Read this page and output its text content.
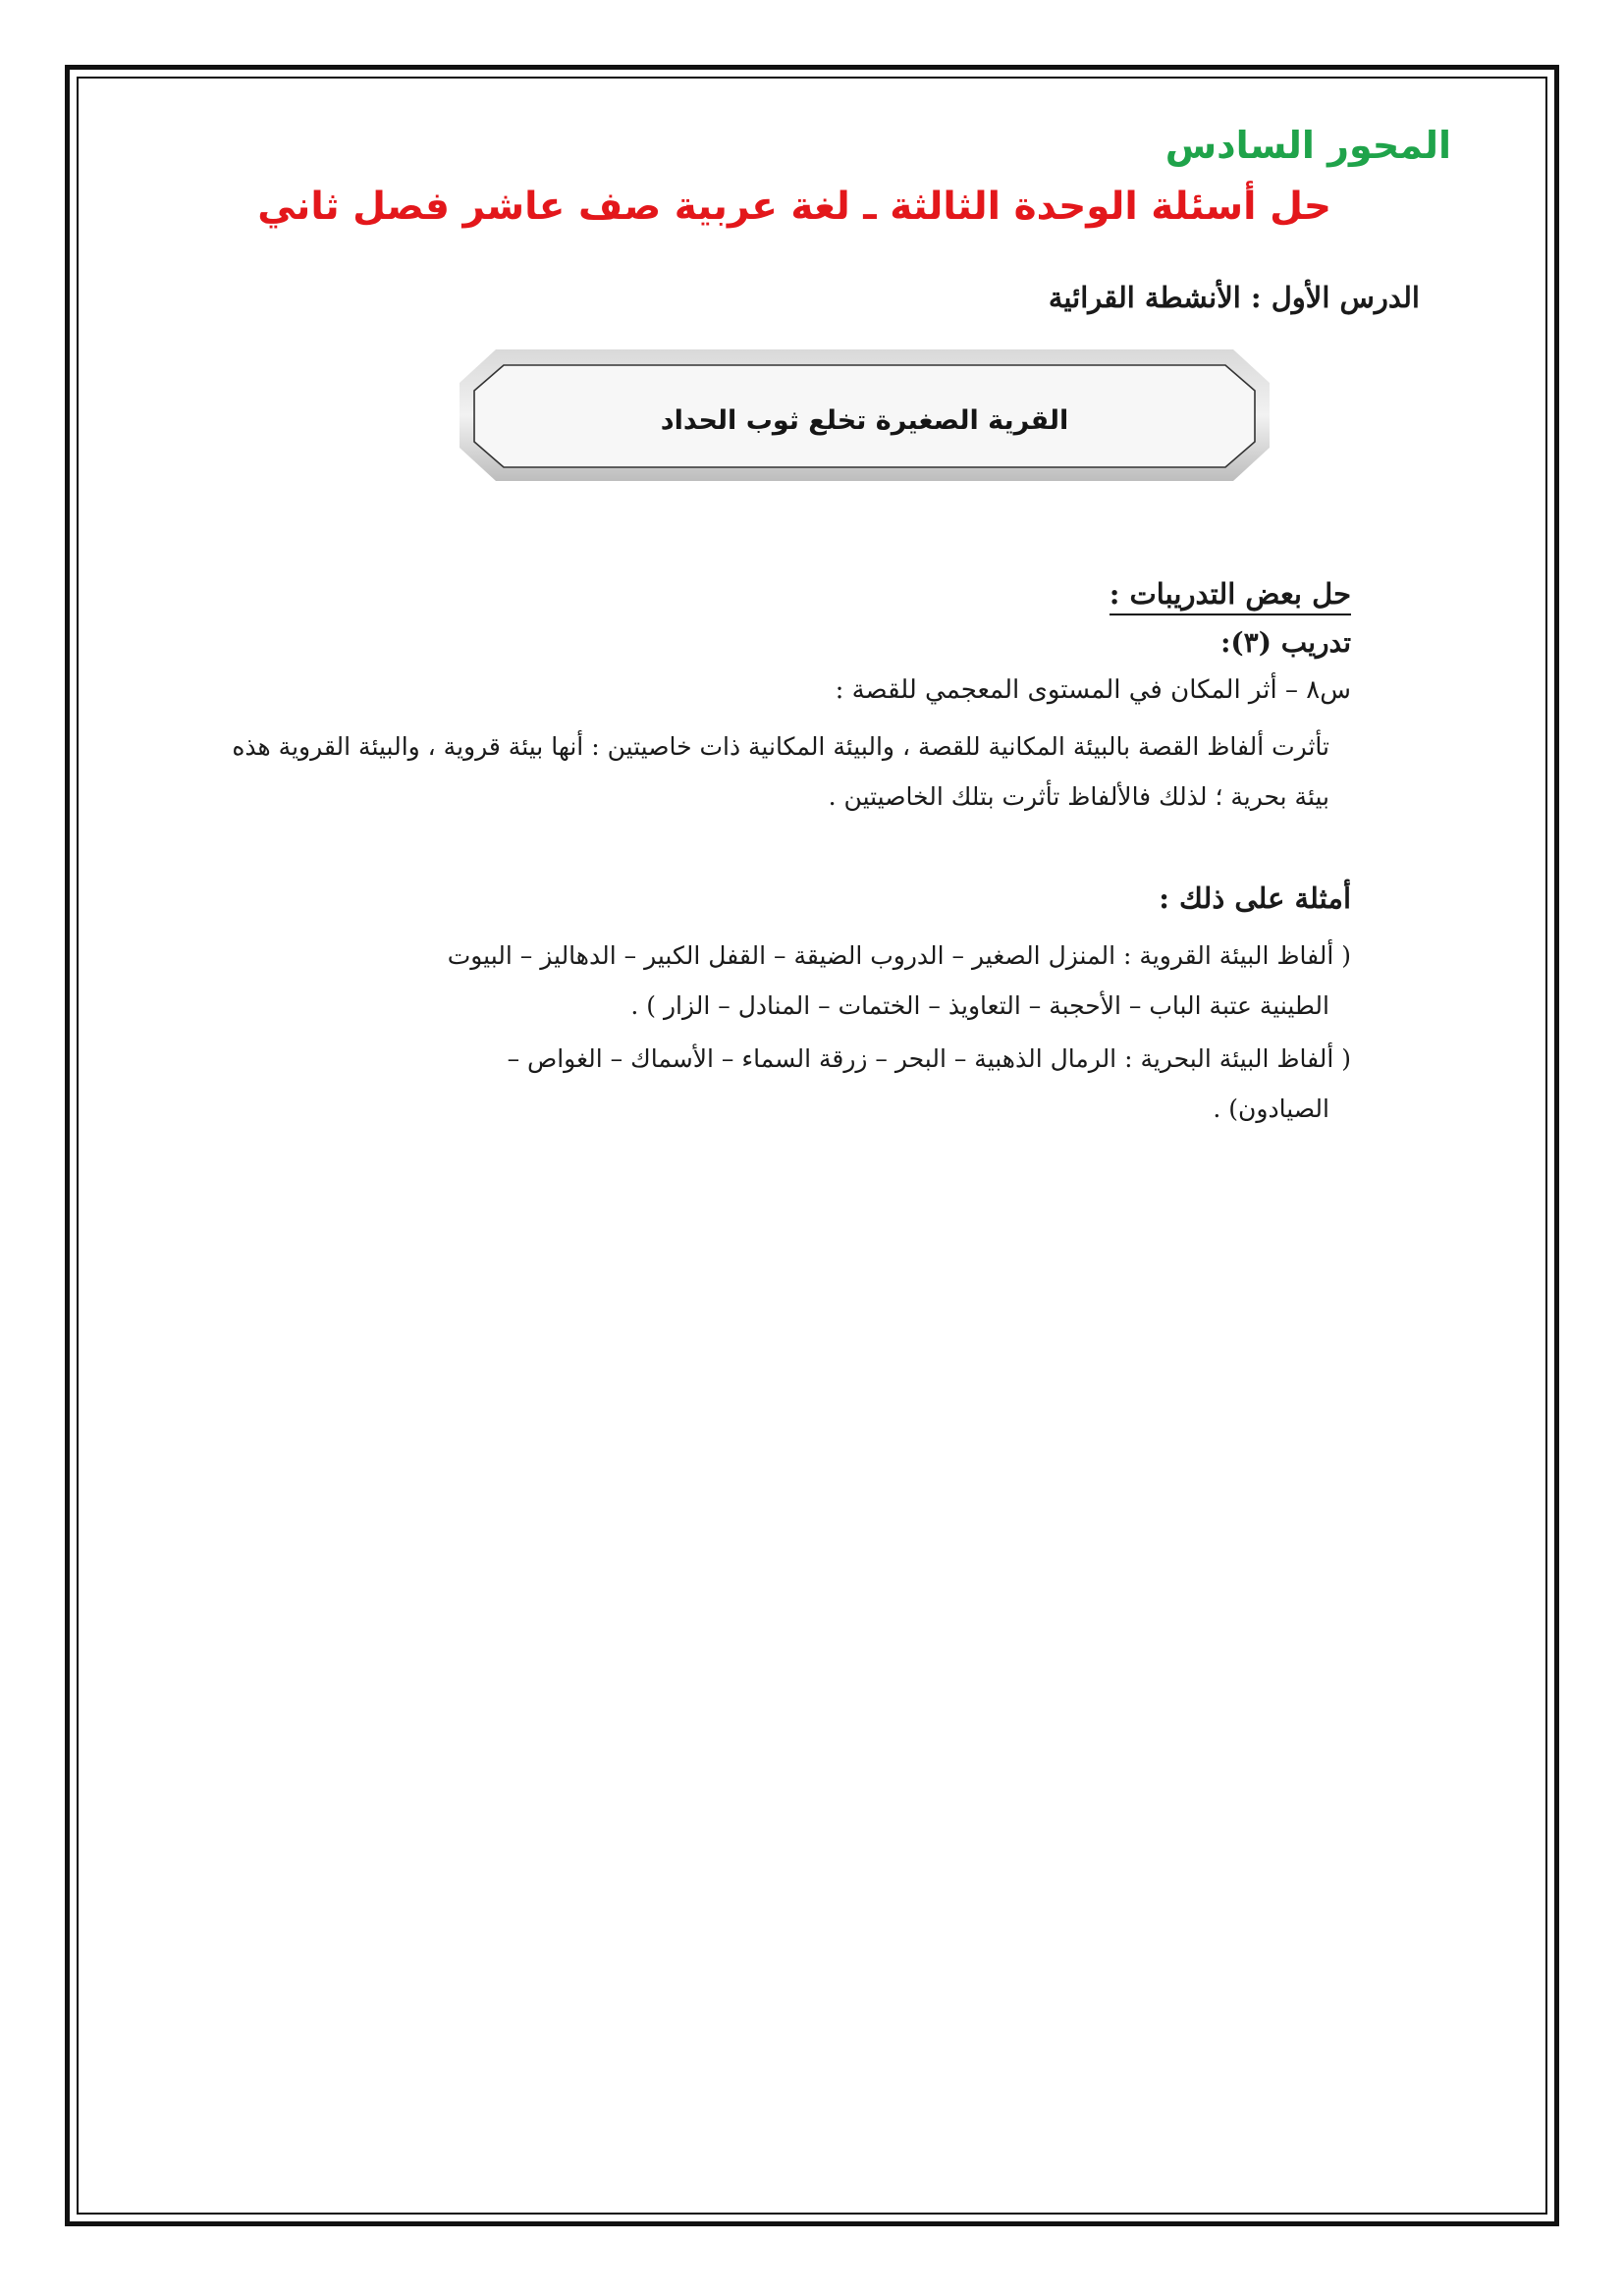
المحور السادس
حل أسئلة الوحدة الثالثة ـ لغة عربية صف عاشر فصل ثاني
الدرس الأول : الأنشطة القرائية
القرية الصغيرة تخلع ثوب الحداد
حل بعض التدريبات :
تدريب (٣):
س٨ – أثر المكان في المستوى المعجمي للقصة :
تأثرت ألفاظ القصة بالبيئة المكانية للقصة ، والبيئة المكانية ذات خاصيتين : أنها بيئة قروية ، والبيئة القروية هذه بيئة بحرية ؛ لذلك فالألفاظ تأثرت بتلك الخاصيتين .
أمثلة على ذلك :
( ألفاظ البيئة القروية : المنزل الصغير – الدروب الضيقة – القفل الكبير – الدهاليز – البيوت
الطينية عتبة الباب – الأحجبة – التعاويذ – الختمات – المنادل – الزار ) .
( ألفاظ البيئة البحرية : الرمال الذهبية – البحر – زرقة السماء – الأسماك – الغواص –
الصيادون) .
